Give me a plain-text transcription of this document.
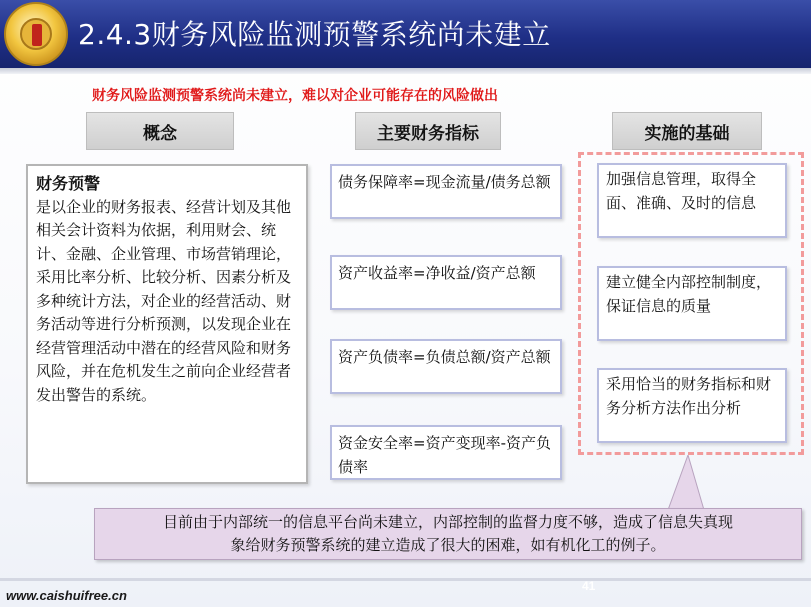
2.4.3财务风险监测预警系统尚未建立
财务风险监测预警系统尚未建立，难以对企业可能存在的风险做出
概念	主要财务指标	实施的基础
财务预警
是以企业的财务报表、经营计划及其他相关会计资料为依据，利用财会、统计、金融、企业管理、市场营销理论，采用比率分析、比较分析、因素分析及多种统计方法，对企业的经营活动、财务活动等进行分析预测，以发现企业在经营管理活动中潜在的经营风险和财务风险，并在危机发生之前向企业经营者发出警告的系统。
债务保障率=现金流量/债务总额
资产收益率=净收益/资产总额
资产负债率=负债总额/资产总额
资金安全率=资产变现率-资产负债率
加强信息管理，取得全面、准确、及时的信息
建立健全内部控制制度，保证信息的质量
采用恰当的财务指标和财务分析方法作出分析
目前由于内部统一的信息平台尚未建立，内部控制的监督力度不够，造成了信息失真现
象给财务预警系统的建立造成了很大的困难，如有机化工的例子。
www.caishuifree.cn
41
